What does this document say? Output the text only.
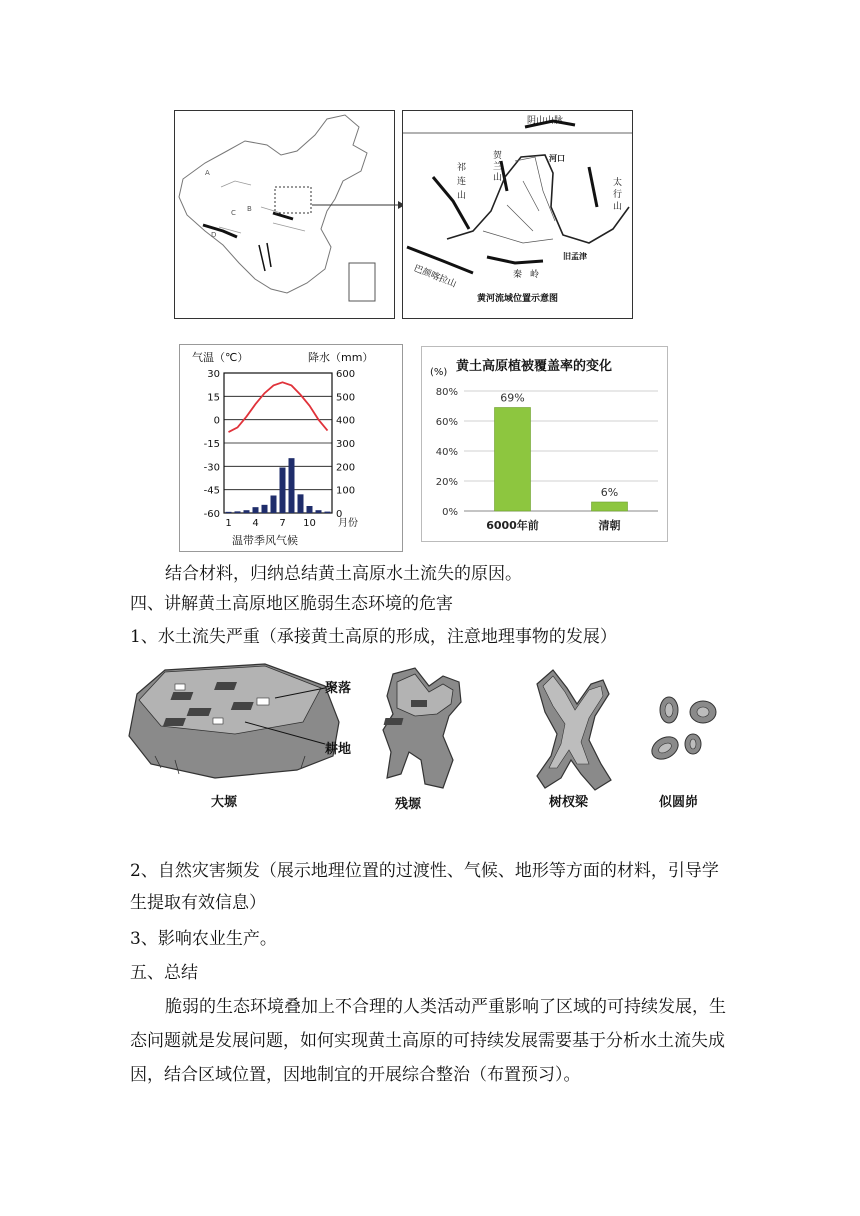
A
B
C
D
阴山山脉
河口
旧孟津
黄河流域位置示意图
贺兰山
祁连山
太行山
秦岭
巴颜喀拉山
气温（℃）	降水（mm）
30
15
0
-15
-30
-45
-60
600
500
400
300
200
100
0
1 4 7 10 月份
温带季风气候
黄土高原植被覆盖率的变化
(%)
80%
60%
40%
20%
0%
69%
6000年前
6%
清朝
结合材料，归纳总结黄土高原水土流失的原因。
四、讲解黄土高原地区脆弱生态环境的危害
1、水土流失严重（承接黄土高原的形成，注意地理事物的发展）
聚落
耕地
大塬	残塬	树杈梁	似圆峁
2、自然灾害频发（展示地理位置的过渡性、气候、地形等方面的材料，引导学
生提取有效信息）
3、影响农业生产。
五、总结
脆弱的生态环境叠加上不合理的人类活动严重影响了区域的可持续发展，生
态问题就是发展问题，如何实现黄土高原的可持续发展需要基于分析水土流失成
因，结合区域位置，因地制宜的开展综合整治（布置预习）。
